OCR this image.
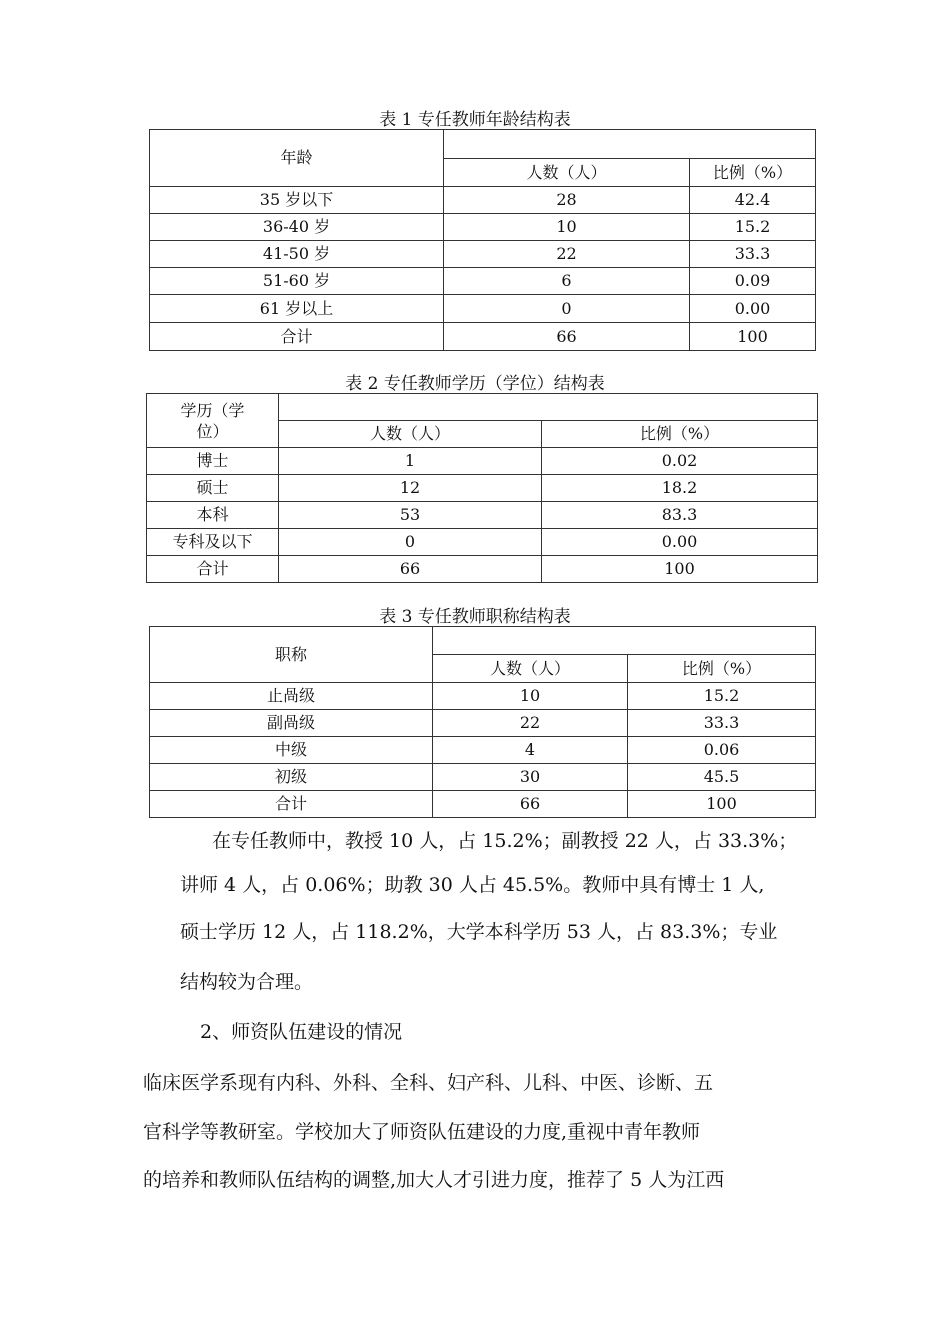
表 1 专任教师年龄结构表
年龄		
	人数（人）	比例（%）
35 岁以下	28	42.4
36-40 岁	10	15.2
41-50 岁	22	33.3
51-60 岁	6	0.09
61 岁以上	0	0.00
合计	66	100
表 2 专任教师学历（学位）结构表
学历（学
位）		
	人数（人）	比例（%）
博士	1	0.02
硕士	12	18.2
本科	53	83.3
专科及以下	0	0.00
合计	66	100
表 3 专任教师职称结构表
职称		
	人数（人）	比例（%）
止咼级	10	15.2
副咼级	22	33.3
中级	4	0.06
初级	30	45.5
合计	66	100
在专任教师中，教授 10 人，占 15.2%；副教授 22 人，占 33.3%；
讲师 4 人，占 0.06%；助教 30 人占 45.5%。教师中具有博士 1 人,
硕士学历 12 人，占 118.2%，大学本科学历 53 人，占 83.3%；专业
结构较为合理。
2、师资队伍建设的情况
临床医学系现有内科、外科、全科、妇产科、儿科、中医、诊断、五
官科学等教研室。学校加大了师资队伍建设的力度,重视中青年教师
的培养和教师队伍结构的调整,加大人才引进力度，推荐了 5 人为江西
